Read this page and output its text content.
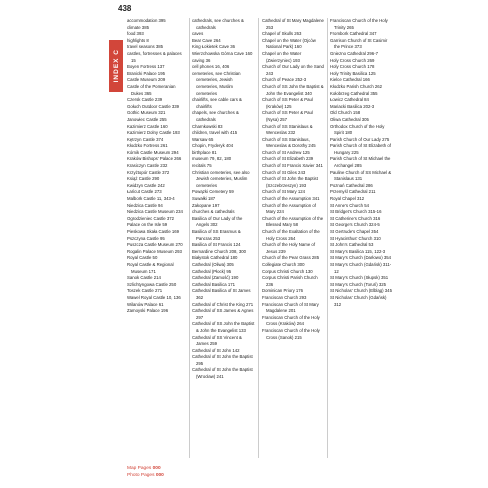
438
INDEX C

accommodation 395

climate 385

food 393

highlights 8

travel seasons 385

castles, fortresses & palaces 15

Boyen Fortress 137

Branicki Palace 195

Castle Museum 209

Castle of the Pomeranian Dukes 365

Czersk Castle 239

Gołuch Outdoor Castle 339

Gothic Museum 321

Janowiec Castle 255

Kazimierz Castle 160

Kazimierz Dolny Castle 193

Kętrzyn Castle 374

Kłodzko Fortress 261

Kórnik Castle Museum 294

Kraków Bishops' Palace 266

Krasiczyn Castle 232

Krzyżtopór Castle 372

Książ Castle 290

Kwidzyn Castle 242

Łańcut Castle 273

Malbork Castle 11, 343-4

Niedzica Castle 94

Niedzica Castle Museum 234

Ogrodzieniec Castle 372

Palace on the Isle 59

Pieskowa Skała Castle 169

Pszczyna Castle 95

Puszcza Castle Museum 270

Rogalin Palace Museum 293

Royal Castle 50

Royal Castle & Regional Museum 171

Sanok Castle 214

Szlichtyngowa Castle 250

Toszek Castle 271

Wawel Royal Castle 10, 136

Wilanów Palace 61

Zamoyski Palace 196

cathedrals, see churches & cathedrals

caves

Bear Cave 264

King Łokietek Cave 36

Wierzchowska Górna Cave 160

caving 36

cell phones 16, 406

cemeteries, see Christian cemeteries, Jewish cemeteries, Muslim cemeteries

chairlifts, see cable cars & chairlifts

chapels, see churches & cathedrals

Charnkowski 83

children, travel with 415

Warsaw 65

Chopin, Fryderyk 404

birthplace 81

museum 79, 82, 180

recitals 75

Christian cemeteries, see also Jewish cemeteries, Muslim cemeteries

Powązki Cemetery 59

Suwałki 187

Zakopane 197

churches & cathedrals

Basilica of Our Lady of the Angels 302

Basilica of SS Erasmus & Pancras 253

Basilica of St Francis 124

Bernardine Church 208, 300

Białystok Cathedral 180

Cathedral (Oliwa) 305

Cathedral (Płock) 95

Cathedral (Zamość) 190

Cathedral Basilica 171

Cathedral Basilica of St James 362

Cathedral of Christ the King 271

Cathedral of SS James & Agnes 297

Cathedral of SS John the Baptist & John the Evangelist 133

Cathedral of SS Vincent & James 259

Cathedral of St John 142

Cathedral of St John the Baptist 295

Cathedral of St John the Baptist (Wrocław) 241

Cathedral of St Mary Magdalene 253

Chapel of Skulls 263

Chapel on the Water (Ojców National Park) 160

Chapel on the Water (Zwierzyniec) 193

Church of Our Lady on the Sand 243

Church of Peace 252-3

Church of SS John the Baptist & John the Evangelist 340

Church of SS Peter & Paul (Kraków) 125

Church of SS Peter & Paul (Nysa) 257

Church of SS Stanislaus & Wenceslas 232

Church of SS Stanislaus, Wenceslas & Dorothy 245

Church of St Andrew 125

Church of St Elizabeth 239

Church of St Francis Xavier 341

Church of St Giles 243

Church of St John the Baptist (Szczebrzeszyn) 193

Church of St Mary 124

Church of the Assumption 341

Church of the Assumption of Mary 224

Church of the Assumption of the Blessed Mary 58

Church of the Exaltation of the Holy Cross 264

Church of the Holy Name of Jesus 239

Church of the Pear Grass 285

Collegiate Church 300

Corpus Christi Church 130

Corpus Christi Parish Church 236

Dominican Priory 176

Franciscan Church 293

Franciscan Church of St Mary Magdalene 201

Franciscan Church of the Holy Cross (Kraków) 264

Franciscan Church of the Holy Cross (Sanok) 215

Franciscan Church of the Holy Trinity 265

Frombork Cathedral 347

Garrison Church of St Casimir the Prince 373

Gniezno Cathedral 296-7

Holy Cross Church 269

Holy Cross Church 178

Holy Trinity Basilica 125

Kielce Cathedral 166

Kłodzko Parish Church 262

Kołobrzeg Cathedral 355

Łowicz Cathedral 84

Mariacki Basilica 202-3

Old Church 158

Oliwa Cathedral 305

Orthodox Church of the Holy Spirit 180

Parish Church of Our Lady 275

Parish Church of St Elizabeth of Hungary 225

Parish Church of St Michael the Archangel 285

Pauline Church of SS Michael & Stanislaus 131

Poznań Cathedral 286

Przemyśl Cathedral 211

Royal Chapel 312

St Anne's Church 54

St Bridget's Church 315-16

St Catherine's Church 316

St George's Church 324-5

St Gertrude's Chapel 354

St Hyacinthus' Church 310

St John's Cathedral 53

St Mary's Basilica 115, 122-3

St Mary's Church (Darłowo) 354

St Mary's Church (Gdańsk) 311-12

St Mary's Church (Słupsk) 351

St Mary's Church (Toruń) 325

St Nicholas' Church (Elbląg) 345

St Nicholas' Church (Gdańsk) 312

Map Pages 000
Photo Pages 000
